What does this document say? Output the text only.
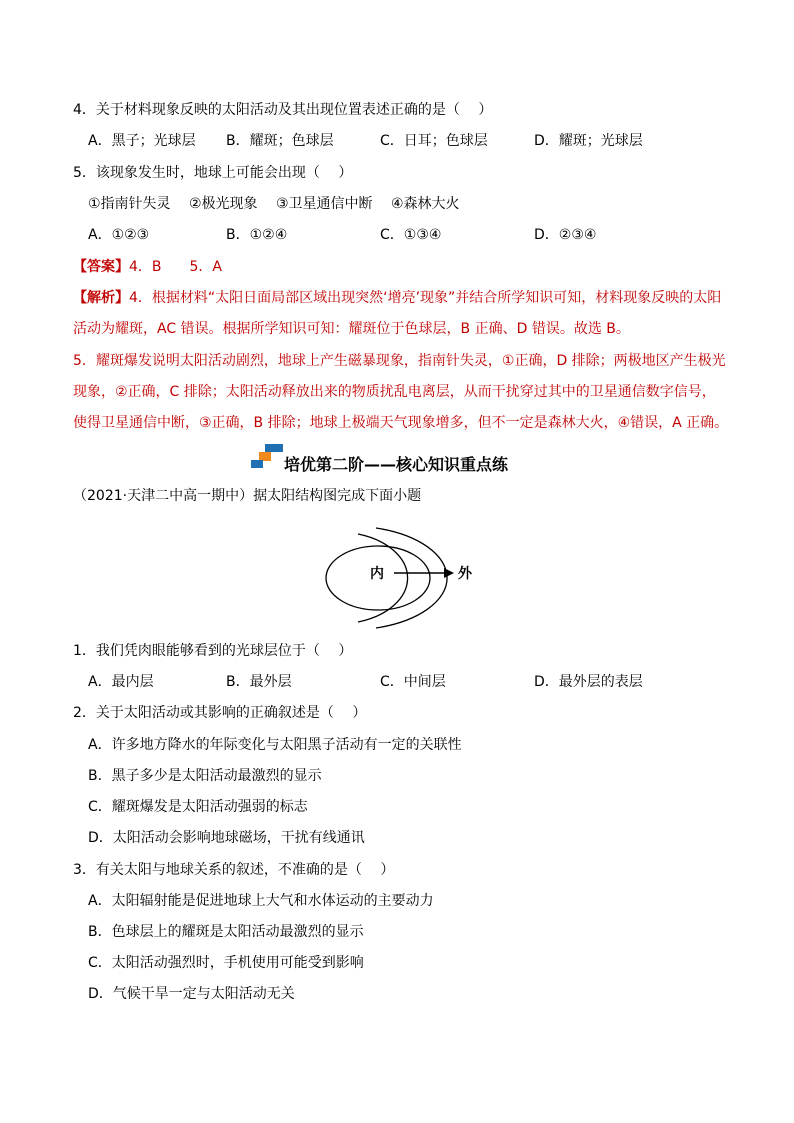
4．关于材料现象反映的太阳活动及其出现位置表述正确的是（　 ）
A．黑子；光球层 B．耀斑；色球层	C．日耳；色球层	D．耀斑；光球层
5．该现象发生时，地球上可能会出现（　 ）
①指南针失灵　 ②极光现象　 ③卫星通信中断　 ④森林大火
A．①②③	B．①②④	C．①③④	D．②③④
【答案】4．B　　5．A
【解析】4．根据材料“太阳日面局部区域出现突然‘增亮’现象”并结合所学知识可知，材料现象反映的太阳
活动为耀斑，AC 错误。根据所学知识可知：耀斑位于色球层，B 正确、D 错误。故选 B。
5．耀斑爆发说明太阳活动剧烈，地球上产生磁暴现象，指南针失灵，①正确，D 排除；两极地区产生极光
现象，②正确，C 排除；太阳活动释放出来的物质扰乱电离层，从而干扰穿过其中的卫星通信数字信号，
使得卫星通信中断，③正确，B 排除；地球上极端天气现象增多，但不一定是森林大火，④错误，A 正确。
培优第二阶——核心知识重点练
（2021·天津二中高一期中）据太阳结构图完成下面小题
内	外
1．我们凭肉眼能够看到的光球层位于（　 ）
A．最内层	B．最外层	C．中间层	D．最外层的表层
2．关于太阳活动或其影响的正确叙述是（　 ）
A．许多地方降水的年际变化与太阳黑子活动有一定的关联性
B．黑子多少是太阳活动最激烈的显示
C．耀斑爆发是太阳活动强弱的标志
D．太阳活动会影响地球磁场，干扰有线通讯
3．有关太阳与地球关系的叙述，不准确的是（　 ）
A．太阳辐射能是促进地球上大气和水体运动的主要动力
B．色球层上的耀斑是太阳活动最激烈的显示
C．太阳活动强烈时，手机使用可能受到影响
D．气候干旱一定与太阳活动无关
